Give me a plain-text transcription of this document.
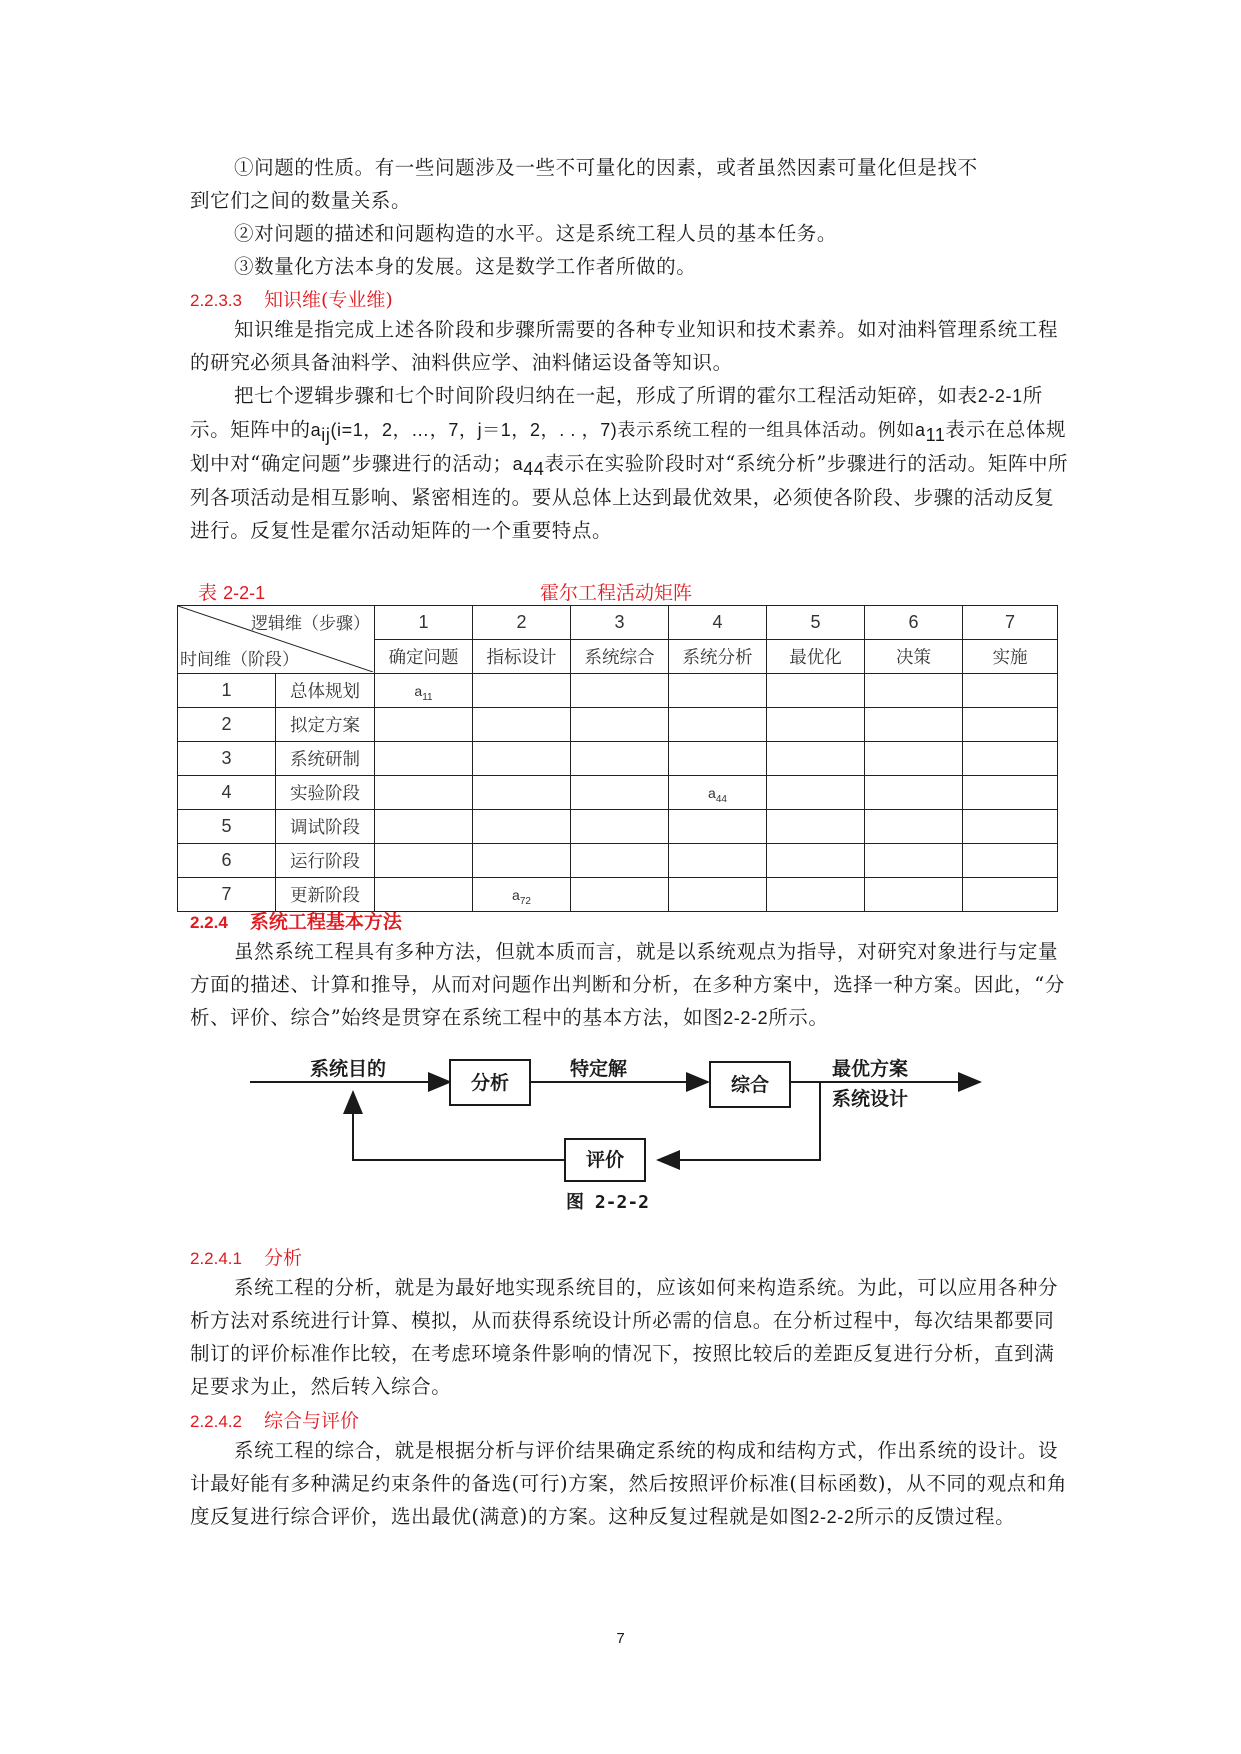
①问题的性质。有一些问题涉及一些不可量化的因素，或者虽然因素可量化但是找不
到它们之间的数量关系。
②对问题的描述和问题构造的水平。这是系统工程人员的基本任务。
③数量化方法本身的发展。这是数学工作者所做的。
2.2.3.3 知识维(专业维)
知识维是指完成上述各阶段和步骤所需要的各种专业知识和技术素养。如对油料管理系统工程的研究必须具备油料学、油料供应学、油料储运设备等知识。
把七个逻辑步骤和七个时间阶段归纳在一起，形成了所谓的霍尔工程活动矩碎，如表2-2-1所示。矩阵中的$a_{ij}(i=1$，2，…，7，j＝1，2，. . ，7)表示系统工程的一组具体活动。例如$a_{11}$表示在总体规划中对“确定问题”步骤进行的活动；$a_{44}$表示在实验阶段时对“系统分析”步骤进行的活动。矩阵中所列各项活动是相互影响、紧密相连的。要从总体上达到最优效果，必须使各阶段、步骤的活动反复进行。反复性是霍尔活动矩阵的一个重要特点。
表 2-2-1	霍尔工程活动矩阵
逻辑维（步骤）
时间维（阶段）		1	2	3	4	5	6	7
		确定问题	指标设计	系统综合	系统分析	最优化	决策	实施
1	总体规划	$a_{11}$						
2	拟定方案							
3	系统研制							
4	实验阶段				$a_{44}$			
5	调试阶段							
6	运行阶段							
7	更新阶段		$a_{72}$					
2.2.4 系统工程基本方法
虽然系统工程具有多种方法，但就本质而言，就是以系统观点为指导，对研究对象进行与定量方面的描述、计算和推导，从而对问题作出判断和分析，在多种方案中，选择一种方案。因此，“分析、评价、综合”始终是贯穿在系统工程中的基本方法，如图2-2-2所示。
系统目的
分析
特定解
综合
最优方案
系统设计
评价
图 2-2-2
2.2.4.1 分析
系统工程的分析，就是为最好地实现系统目的，应该如何来构造系统。为此，可以应用各种分析方法对系统进行计算、模拟，从而获得系统设计所必需的信息。在分析过程中，每次结果都要同制订的评价标准作比较，在考虑环境条件影响的情况下，按照比较后的差距反复进行分析，直到满足要求为止，然后转入综合。
2.2.4.2 综合与评价
系统工程的综合，就是根据分析与评价结果确定系统的构成和结构方式，作出系统的设计。设计最好能有多种满足约束条件的备选(可行)方案，然后按照评价标准(目标函数)，从不同的观点和角度反复进行综合评价，选出最优(满意)的方案。这种反复过程就是如图2-2-2所示的反馈过程。
7
